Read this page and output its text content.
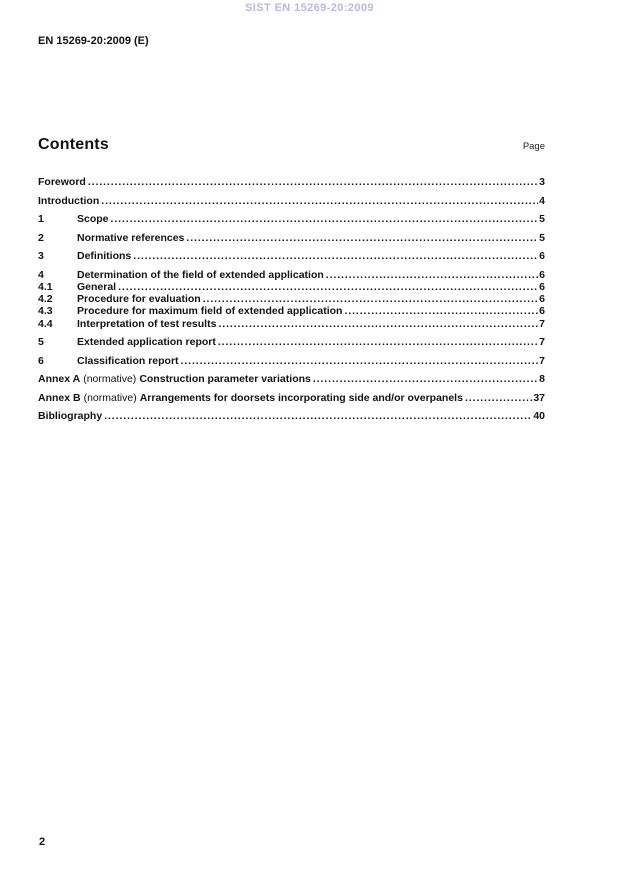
SIST EN 15269-20:2009
EN 15269-20:2009 (E)
Contents	Page
Foreword .....	3
Introduction .....	4
1	Scope .....	5
2	Normative references .....	5
3	Definitions .....	6
4	Determination of the field of extended application .....	6
4.1	General .....	6
4.2	Procedure for evaluation .....	6
4.3	Procedure for maximum field of extended application .....	6
4.4	Interpretation of test results .....	7
5	Extended application report .....	7
6	Classification report .....	7
Annex A (normative) Construction parameter variations .....	8
Annex B (normative) Arrangements for doorsets incorporating side and/or overpanels .....	37
Bibliography .....	40
2
